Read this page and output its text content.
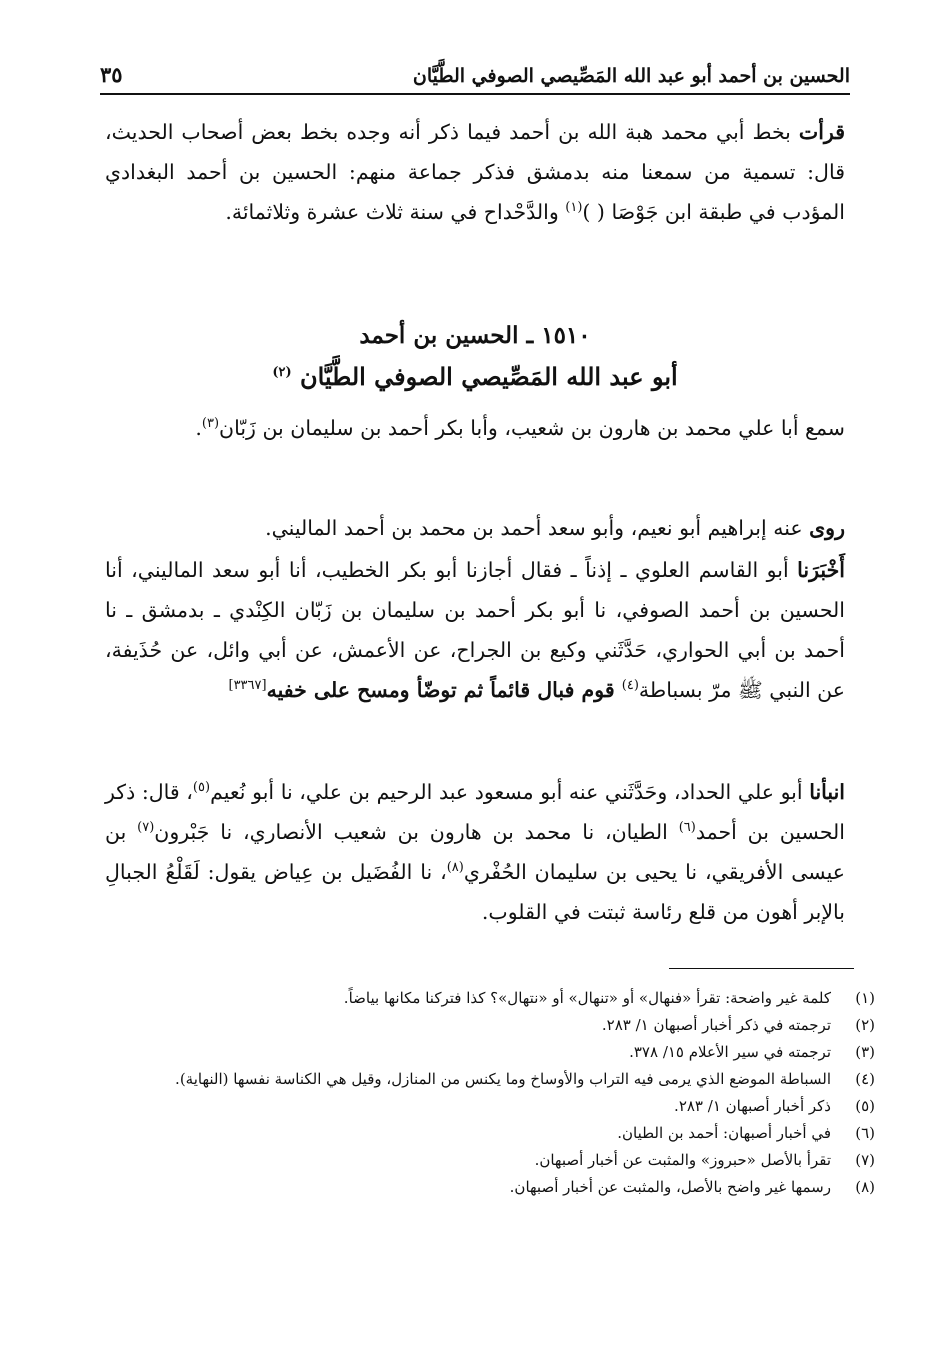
الحسين بن أحمد أبو عبد الله المَصِّيصي الصوفي الطَّيَّان
٣٥

قرأت بخط أبي محمد هبة الله بن أحمد فيما ذكر أنه وجده بخط بعض أصحاب الحديث، قال: تسمية من سمعنا منه بدمشق فذكر جماعة منهم: الحسين بن أحمد البغدادي المؤدب في طبقة ابن جَوْصَا ( )$^{(١)}$ والدَّحْداح في سنة ثلاث عشرة وثلاثمائة.

١٥١٠ ـ الحسين بن أحمد
أبو عبد الله المَصِّيصي الصوفي الطَّيَّان $^{(٢)}$

سمع أبا علي محمد بن هارون بن شعيب، وأبا بكر أحمد بن سليمان بن زَبّان$^{(٣)}$.

روى عنه إبراهيم أبو نعيم، وأبو سعد أحمد بن محمد بن أحمد الماليني.

أَخْبَرَنا أبو القاسم العلوي ـ إذناً ـ فقال أجازنا أبو بكر الخطيب، أنا أبو سعد الماليني، أنا الحسين بن أحمد الصوفي، نا أبو بكر أحمد بن سليمان بن زَبّان الكِنْدي ـ بدمشق ـ نا أحمد بن أبي الحواري، حَدَّثَني وكيع بن الجراح، عن الأعمش، عن أبي وائل، عن حُذَيفة، عن النبي ﷺ مرّ بسباطة$^{(٤)}$ قوم فبال قائماً ثم توضّأ ومسح على خفيه[٣٣٦٧]

انبأنا أبو علي الحداد، وحَدَّثَني عنه أبو مسعود عبد الرحيم بن علي، نا أبو نُعيم$^{(٥)}$، قال: ذكر الحسين بن أحمد$^{(٦)}$ الطيان، نا محمد بن هارون بن شعيب الأنصاري، نا جَبْرون$^{(٧)}$ بن عيسى الأفريقي، نا يحيى بن سليمان الحُفْري$^{(٨)}$، نا الفُضَيل بن عِياض يقول: لَقَلْعُ الجبالِ بالإبر أهون من قلع رئاسة ثبتت في القلوب.

(١)
كلمة غير واضحة: تقرأ «فنهال» أو «تنهال» أو «نتهال»؟ كذا فتركنا مكانها بياضاً.
(٢)
ترجمته في ذكر أخبار أصبهان ١/ ٢٨٣.
(٣)
ترجمته في سير الأعلام ١٥/ ٣٧٨.
(٤)
السباطة الموضع الذي يرمى فيه التراب والأوساخ وما يكنس من المنازل، وقيل هي الكناسة نفسها (النهاية).
(٥)
ذكر أخبار أصبهان ١/ ٢٨٣.
(٦)
في أخبار أصبهان: أحمد بن الطيان.
(٧)
تقرأ بالأصل «حبروز» والمثبت عن أخبار أصبهان.
(٨)
رسمها غير واضح بالأصل، والمثبت عن أخبار أصبهان.
